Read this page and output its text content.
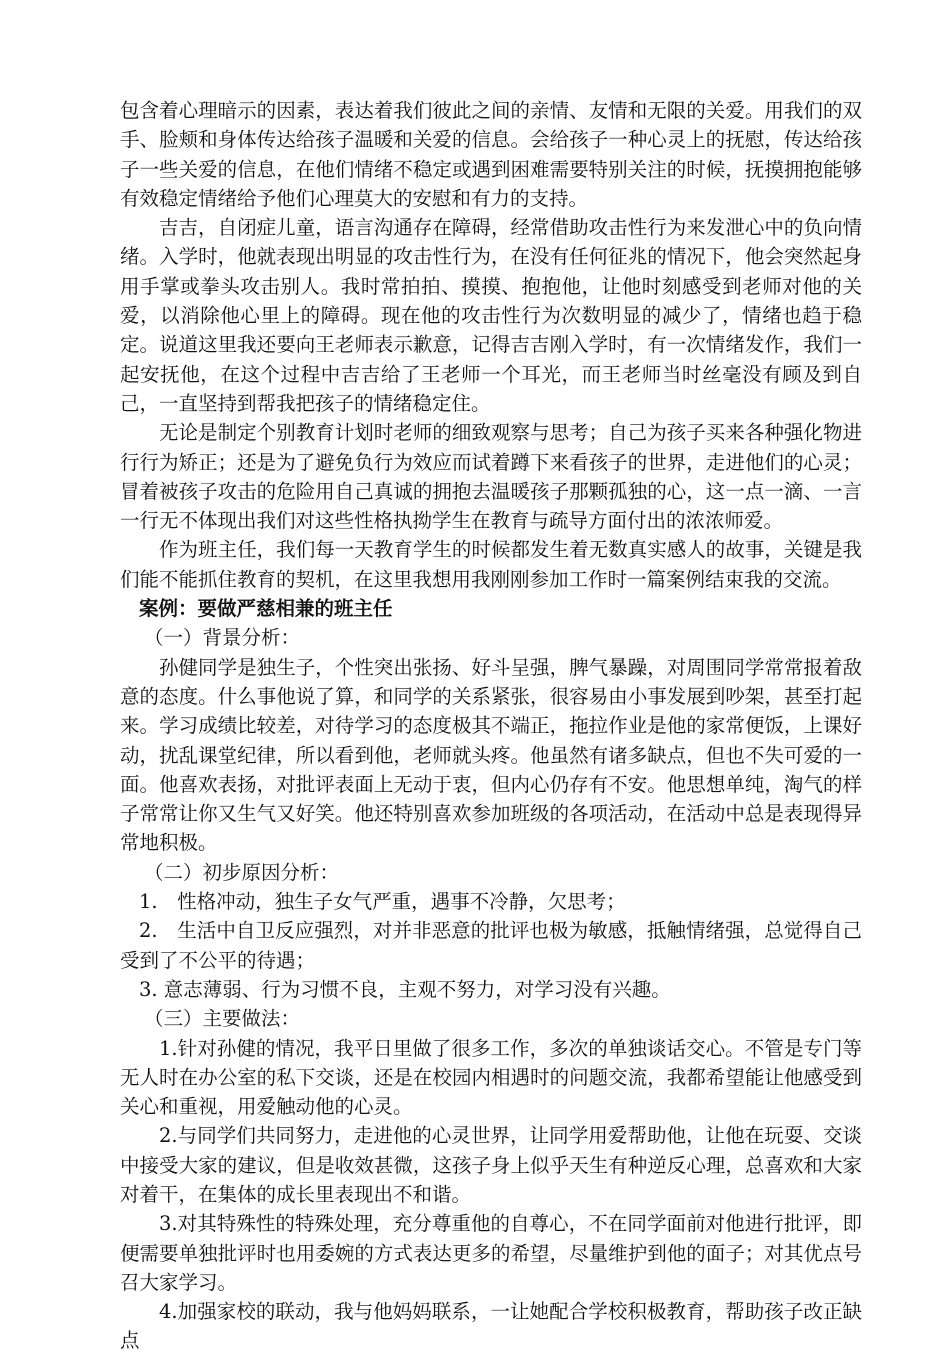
包含着心理暗示的因素，表达着我们彼此之间的亲情、友情和无限的关爱。用我们的双手、脸颊和身体传达给孩子温暖和关爱的信息。会给孩子一种心灵上的抚慰，传达给孩子一些关爱的信息，在他们情绪不稳定或遇到困难需要特别关注的时候，抚摸拥抱能够有效稳定情绪给予他们心理莫大的安慰和有力的支持。

吉吉，自闭症儿童，语言沟通存在障碍，经常借助攻击性行为来发泄心中的负向情绪。入学时，他就表现出明显的攻击性行为，在没有任何征兆的情况下，他会突然起身用手掌或拳头攻击别人。我时常拍拍、摸摸、抱抱他，让他时刻感受到老师对他的关爱，以消除他心里上的障碍。现在他的攻击性行为次数明显的减少了，情绪也趋于稳定。说道这里我还要向王老师表示歉意，记得吉吉刚入学时，有一次情绪发作，我们一起安抚他，在这个过程中吉吉给了王老师一个耳光，而王老师当时丝毫没有顾及到自己，一直坚持到帮我把孩子的情绪稳定住。

无论是制定个别教育计划时老师的细致观察与思考；自己为孩子买来各种强化物进行行为矫正；还是为了避免负行为效应而试着蹲下来看孩子的世界，走进他们的心灵；冒着被孩子攻击的危险用自己真诚的拥抱去温暖孩子那颗孤独的心，这一点一滴、一言一行无不体现出我们对这些性格执拗学生在教育与疏导方面付出的浓浓师爱。

作为班主任，我们每一天教育学生的时候都发生着无数真实感人的故事，关键是我们能不能抓住教育的契机，在这里我想用我刚刚参加工作时一篇案例结束我的交流。

案例：要做严慈相兼的班主任

（一）背景分析：

孙健同学是独生子，个性突出张扬、好斗呈强，脾气暴躁，对周围同学常常报着敌意的态度。什么事他说了算，和同学的关系紧张，很容易由小事发展到吵架，甚至打起来。学习成绩比较差，对待学习的态度极其不端正，拖拉作业是他的家常便饭，上课好动，扰乱课堂纪律，所以看到他，老师就头疼。他虽然有诸多缺点，但也不失可爱的一面。他喜欢表扬，对批评表面上无动于衷，但内心仍存有不安。他思想单纯，淘气的样子常常让你又生气又好笑。他还特别喜欢参加班级的各项活动，在活动中总是表现得异常地积极。

（二）初步原因分析：

1.　性格冲动，独生子女气严重，遇事不冷静，欠思考；

2.　生活中自卫反应强烈，对并非恶意的批评也极为敏感，抵触情绪强，总觉得自己受到了不公平的待遇；

3. 意志薄弱、行为习惯不良，主观不努力，对学习没有兴趣。

（三）主要做法：

1.针对孙健的情况，我平日里做了很多工作，多次的单独谈话交心。不管是专门等无人时在办公室的私下交谈，还是在校园内相遇时的问题交流，我都希望能让他感受到关心和重视，用爱触动他的心灵。

2.与同学们共同努力，走进他的心灵世界，让同学用爱帮助他，让他在玩耍、交谈中接受大家的建议，但是收效甚微，这孩子身上似乎天生有种逆反心理，总喜欢和大家对着干，在集体的成长里表现出不和谐。

3.对其特殊性的特殊处理，充分尊重他的自尊心，不在同学面前对他进行批评，即便需要单独批评时也用委婉的方式表达更多的希望，尽量维护到他的面子；对其优点号召大家学习。

4.加强家校的联动，我与他妈妈联系，一让她配合学校积极教育，帮助孩子改正缺点
